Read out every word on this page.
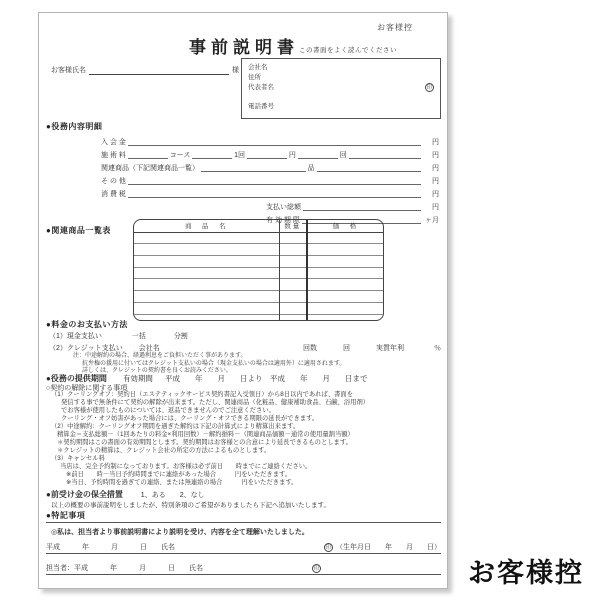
お客様控
事前説明書 この書面をよく読んでください
お客様氏名	様 会社名
住所
代表者名	印
電話番号
●役務内容明細
入 会 金	円
施 術 料	コース	1回	円	回	円
関連商品（下記関連商品一覧）	品	円
そ の 他	円
消 費 税	円
支払い総額	円
有 効 期 限	ヶ月
●関連商品一覧表	商　品　名	数量	価　格

●料金のお支払い方法
（1）現金支払い	一括	分割
（2）クレジット支払い 会社名	回数	回	実質年利	％
注：中途解約の場合、経過利息をご負担いただく事があります。
抗弁権の援用に付いてはクレジット支払いの場合（現金支払いの場合は適用外）に適用されます。
詳しくは、クレジットの契約書を良くお読みください。
●役務の提供期間 有効期間 平成　　年　　月　　日より　平成　　年　　月　　日まで
○契約の解除に関する事項
（1）クーリングオフ：契約日（エステティックサービス契約書記入受領日）から8日以内であれば、書面を
発信する事で無条件にて契約の解除が出来ます。ただし、関連商品（化粧品、健康補助食品、石鹸、浴用剤）
でお客様が使用したものについては、返品できませんのでご注意ください。
クーリング・オフ妨害があった場合には、クーリング・オフできる期限の延長ができます。
（2）中途解約：クーリングオフ期間を過ぎた解約は下記の計算式により精算出来ます。
精算金＝支払総額－（1回あたりの料金×利用回数）－解約損料－（関連商品価額－通常の使用量割当額）
＊契約期間はこの書面の有効期間とします。契約期間はお客様との合意により延長できるものとします。
＊クレジットの精算は、クレジット会社の所定の方法によるものとします。
（3）キャンセル料
当店は、完全予約制になっております。お客様は必ず前日　　時までにご連絡ください。
※前日　　時－当日予約時間までに連絡があった場合　　　円をいただきます。
※当日、予約時間を過ぎての連絡、または無連絡の場合　　　円をいただきます。
●前受け金の保全措置	1、ある　　2、なし
以上の概要の事前説明をしましたが、特別条項のご希望がありましたら下記へ追加いたします。
●特記事項
◎私は、担当者より事前説明書により説明を受け、内容を全て理解いたしました。
平成	年	月	日 氏名	印 （生年月日　　年　　月　　日）
担当者：平成	年	月	日 氏名	印	お客様控
